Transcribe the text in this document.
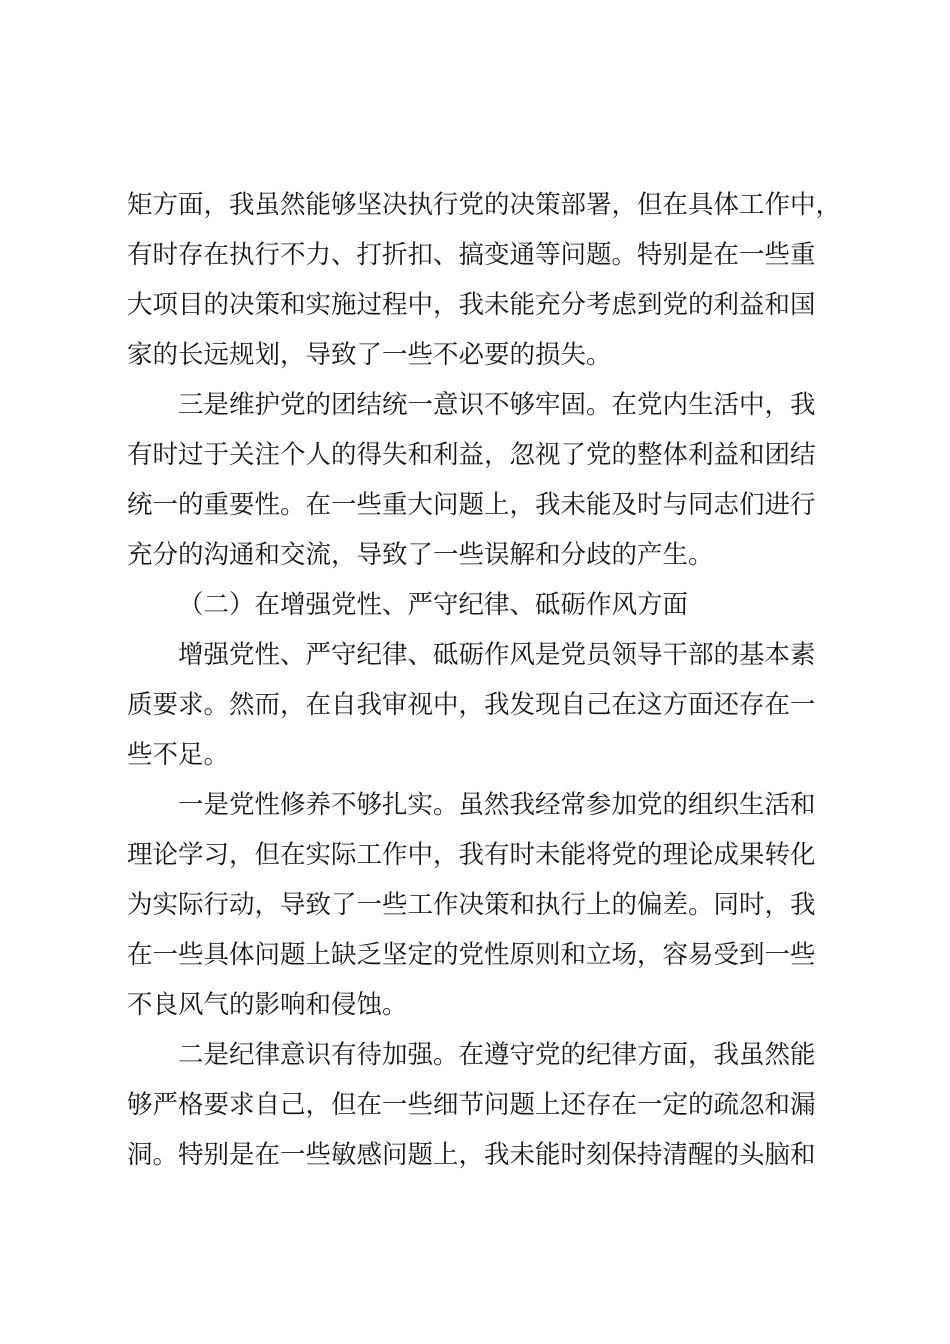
矩方面，我虽然能够坚决执行党的决策部署，但在具体工作中，
有时存在执行不力、打折扣、搞变通等问题。特别是在一些重
大项目的决策和实施过程中，我未能充分考虑到党的利益和国
家的长远规划，导致了一些不必要的损失。
三是维护党的团结统一意识不够牢固。在党内生活中，我
有时过于关注个人的得失和利益，忽视了党的整体利益和团结
统一的重要性。在一些重大问题上，我未能及时与同志们进行
充分的沟通和交流，导致了一些误解和分歧的产生。
（二）在增强党性、严守纪律、砥砺作风方面
增强党性、严守纪律、砥砺作风是党员领导干部的基本素
质要求。然而，在自我审视中，我发现自己在这方面还存在一
些不足。
一是党性修养不够扎实。虽然我经常参加党的组织生活和
理论学习，但在实际工作中，我有时未能将党的理论成果转化
为实际行动，导致了一些工作决策和执行上的偏差。同时，我
在一些具体问题上缺乏坚定的党性原则和立场，容易受到一些
不良风气的影响和侵蚀。
二是纪律意识有待加强。在遵守党的纪律方面，我虽然能
够严格要求自己，但在一些细节问题上还存在一定的疏忽和漏
洞。特别是在一些敏感问题上，我未能时刻保持清醒的头脑和
